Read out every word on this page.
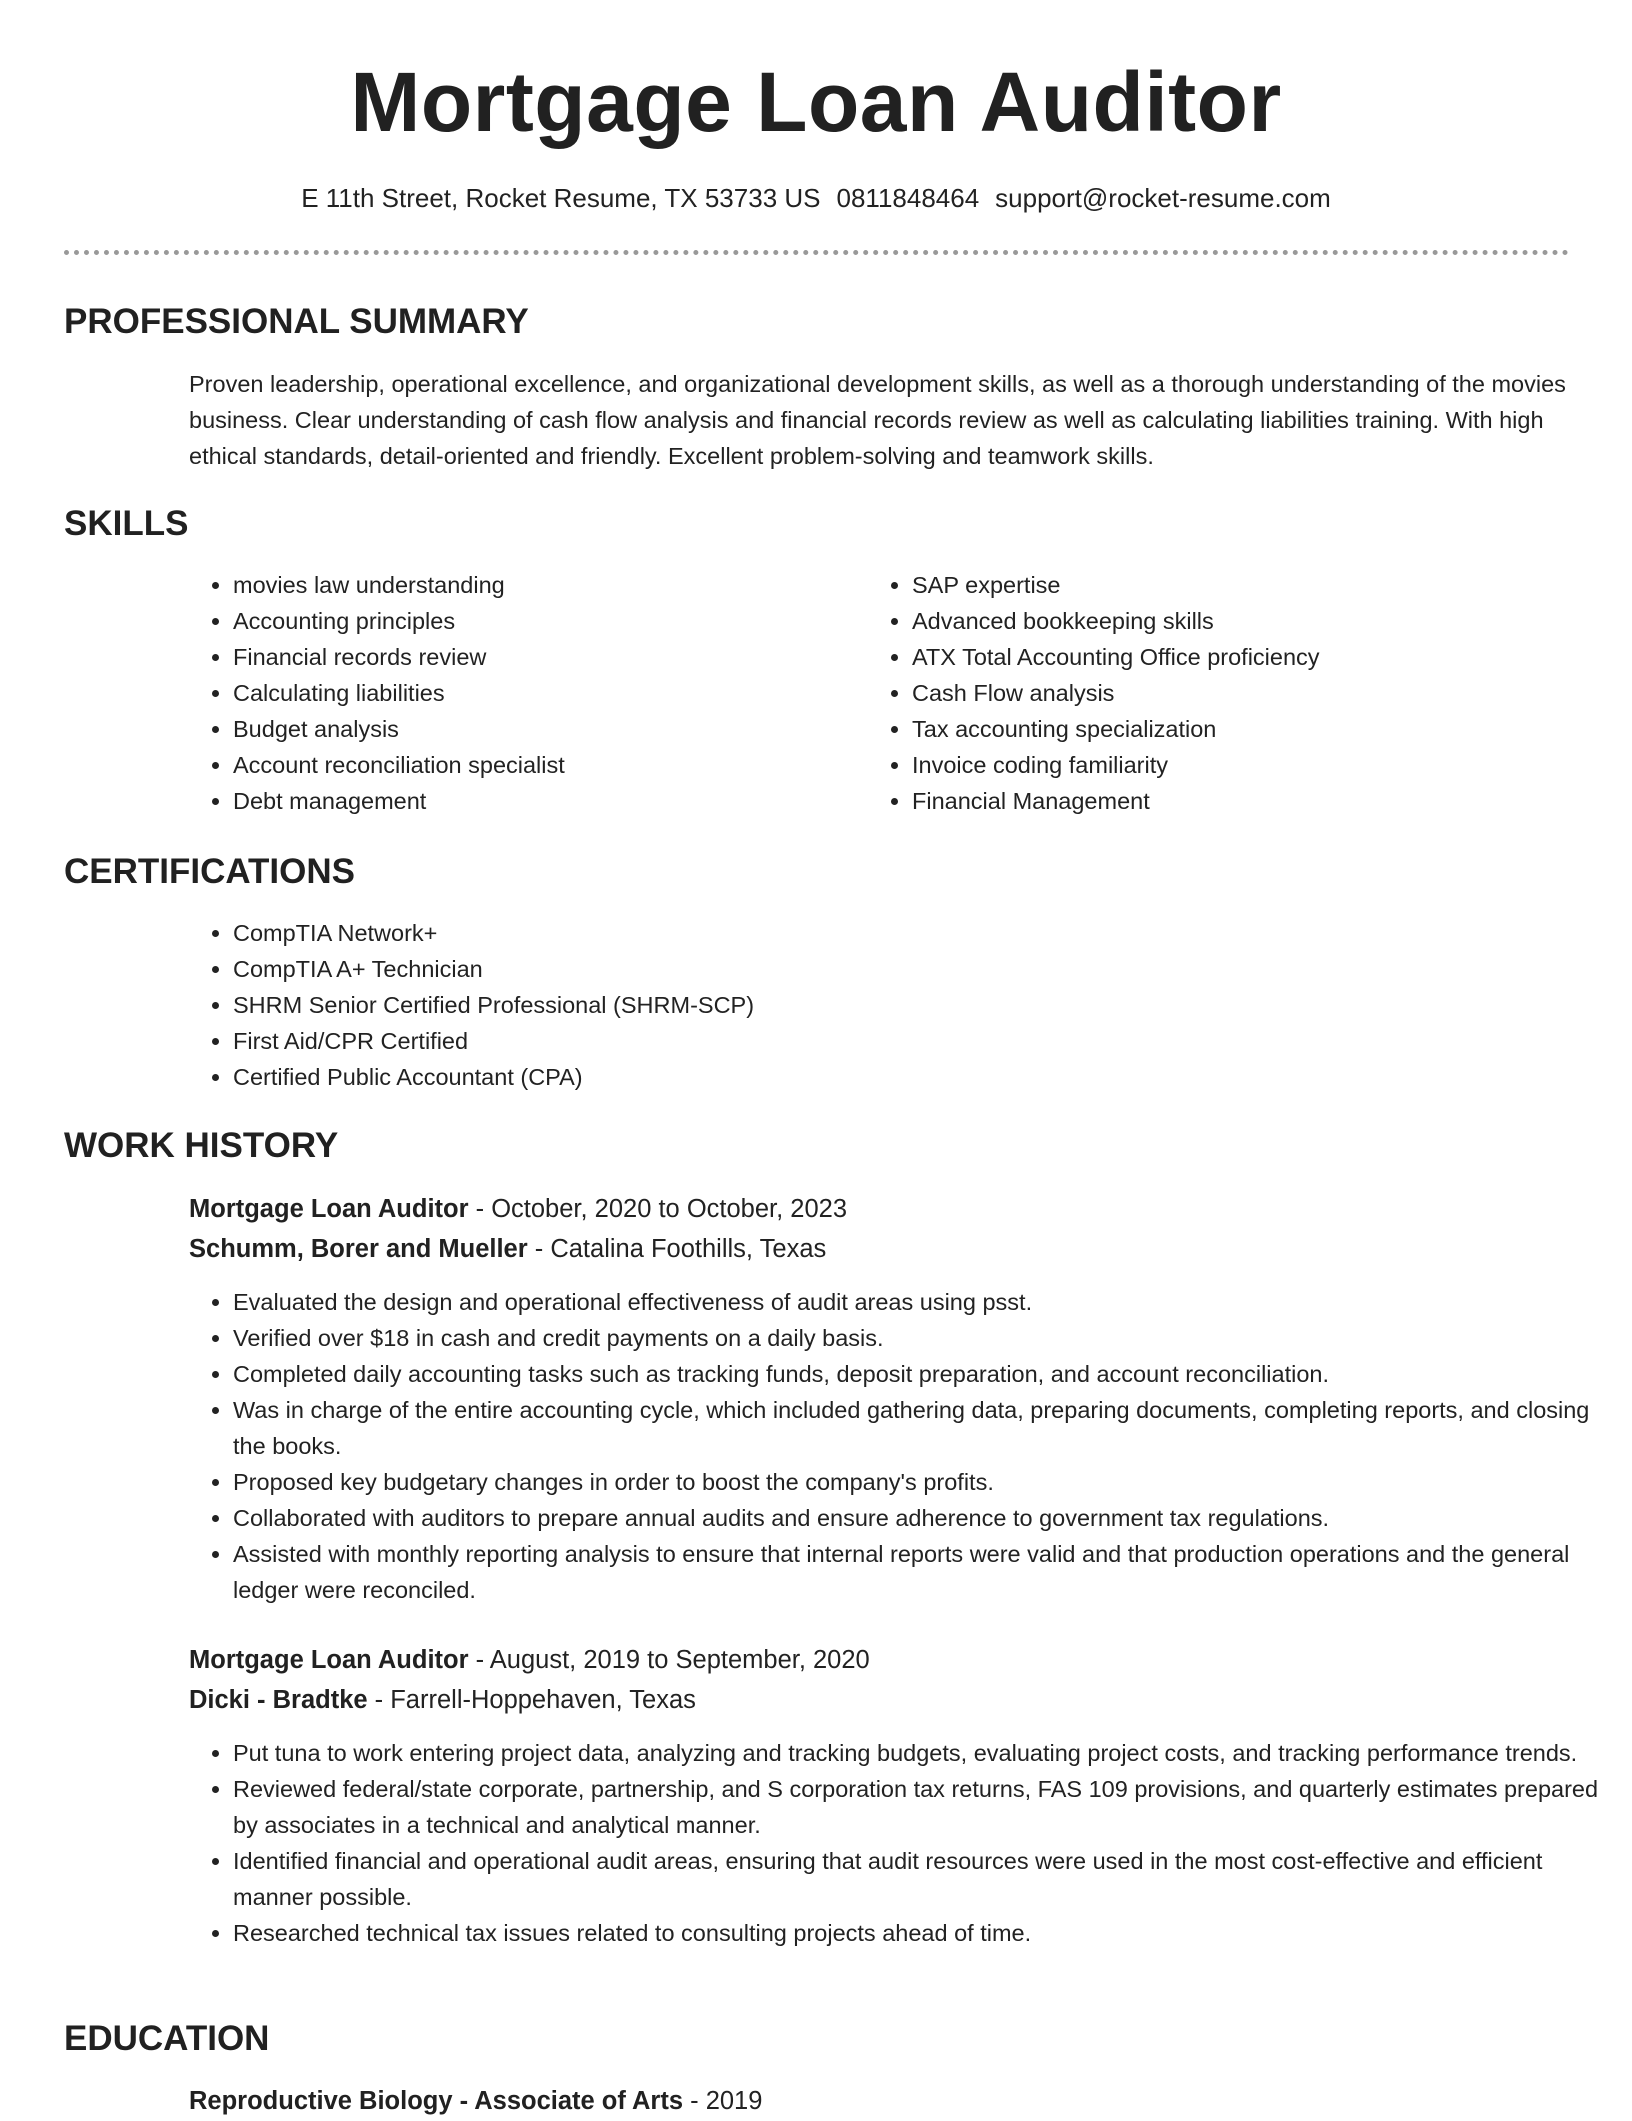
Mortgage Loan Auditor
E 11th Street, Rocket Resume, TX 53733 US 0811848464 support@rocket-resume.com
PROFESSIONAL SUMMARY
Proven leadership, operational excellence, and organizational development skills, as well as a thorough understanding of the movies business. Clear understanding of cash flow analysis and financial records review as well as calculating liabilities training. With high ethical standards, detail-oriented and friendly. Excellent problem-solving and teamwork skills.
SKILLS
• movies law understanding
• Accounting principles
• Financial records review
• Calculating liabilities
• Budget analysis
• Account reconciliation specialist
• Debt management
• SAP expertise
• Advanced bookkeeping skills
• ATX Total Accounting Office proficiency
• Cash Flow analysis
• Tax accounting specialization
• Invoice coding familiarity
• Financial Management
CERTIFICATIONS
• CompTIA Network+
• CompTIA A+ Technician
• SHRM Senior Certified Professional (SHRM-SCP)
• First Aid/CPR Certified
• Certified Public Accountant (CPA)
WORK HISTORY
Mortgage Loan Auditor - October, 2020 to October, 2023
Schumm, Borer and Mueller - Catalina Foothills, Texas
• Evaluated the design and operational effectiveness of audit areas using psst.
• Verified over $18 in cash and credit payments on a daily basis.
• Completed daily accounting tasks such as tracking funds, deposit preparation, and account reconciliation.
• Was in charge of the entire accounting cycle, which included gathering data, preparing documents, completing reports, and closing the books.
• Proposed key budgetary changes in order to boost the company's profits.
• Collaborated with auditors to prepare annual audits and ensure adherence to government tax regulations.
• Assisted with monthly reporting analysis to ensure that internal reports were valid and that production operations and the general ledger were reconciled.
Mortgage Loan Auditor - August, 2019 to September, 2020
Dicki - Bradtke - Farrell-Hoppehaven, Texas
• Put tuna to work entering project data, analyzing and tracking budgets, evaluating project costs, and tracking performance trends.
• Reviewed federal/state corporate, partnership, and S corporation tax returns, FAS 109 provisions, and quarterly estimates prepared by associates in a technical and analytical manner.
• Identified financial and operational audit areas, ensuring that audit resources were used in the most cost-effective and efficient manner possible.
• Researched technical tax issues related to consulting projects ahead of time.
EDUCATION
Reproductive Biology - Associate of Arts - 2019
